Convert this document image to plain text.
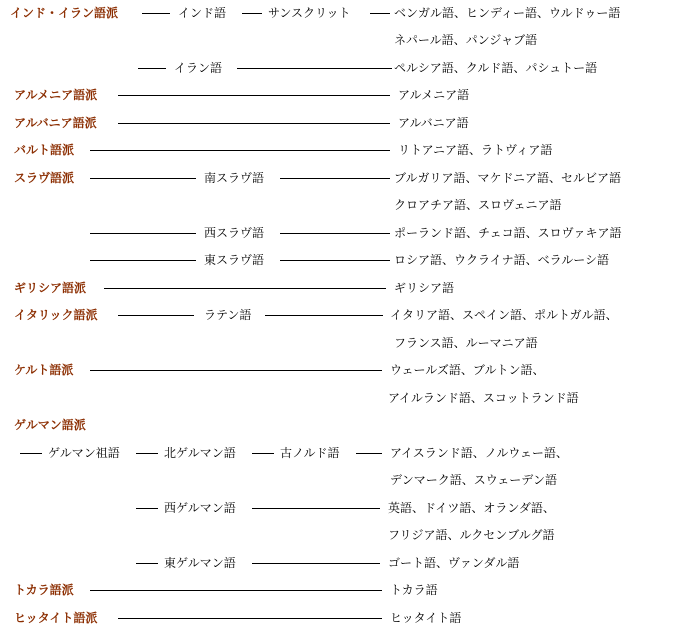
インド・イラン語派	インド語	サンスクリット	ベンガル語、ヒンディー語、ウルドゥー語
ネパール語、パンジャブ語
イラン語	ペルシア語、クルド語、パシュトー語
アルメニア語派	アルメニア語
アルバニア語派	アルバニア語
バルト語派	リトアニア語、ラトヴィア語
スラヴ語派	南スラヴ語	ブルガリア語、マケドニア語、セルビア語
クロアチア語、スロヴェニア語
西スラヴ語	ポーランド語、チェコ語、スロヴァキア語
東スラヴ語	ロシア語、ウクライナ語、ベラルーシ語
ギリシア語派	ギリシア語
イタリック語派	ラテン語	イタリア語、スペイン語、ポルトガル語、
フランス語、ルーマニア語
ケルト語派	ウェールズ語、ブルトン語、
アイルランド語、スコットランド語
ゲルマン語派
ゲルマン祖語	北ゲルマン語	古ノルド語	アイスランド語、ノルウェー語、
デンマーク語、スウェーデン語
西ゲルマン語	英語、ドイツ語、オランダ語、
フリジア語、ルクセンブルグ語
東ゲルマン語	ゴート語、ヴァンダル語
トカラ語派	トカラ語
ヒッタイト語派	ヒッタイト語
